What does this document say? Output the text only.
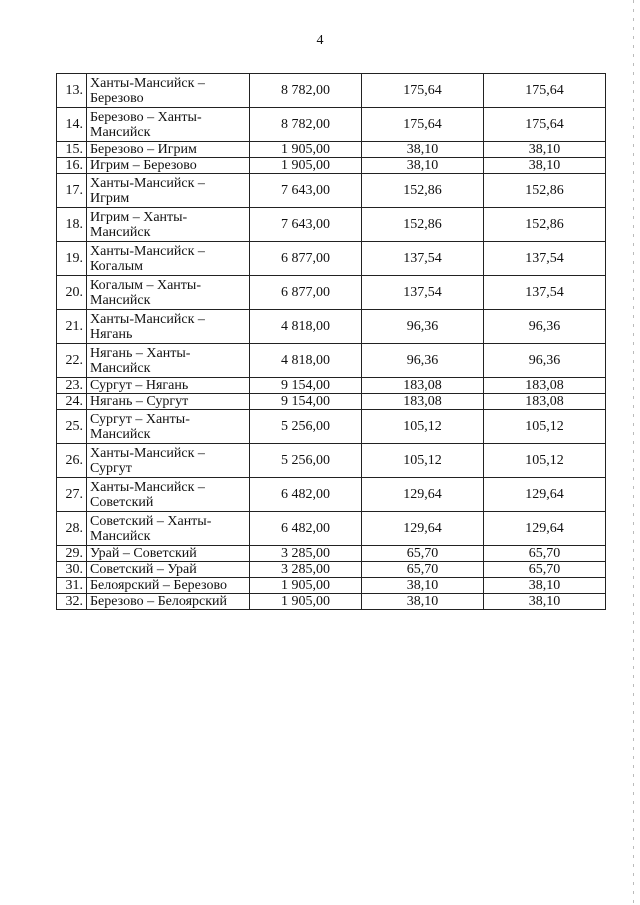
4
13.	Ханты-Мансийск – Березово	8 782,00	175,64	175,64
14.	Березово – Ханты-Мансийск	8 782,00	175,64	175,64
15.	Березово – Игрим	1 905,00	38,10	38,10
16.	Игрим – Березово	1 905,00	38,10	38,10
17.	Ханты-Мансийск – Игрим	7 643,00	152,86	152,86
18.	Игрим – Ханты-Мансийск	7 643,00	152,86	152,86
19.	Ханты-Мансийск – Когалым	6 877,00	137,54	137,54
20.	Когалым – Ханты-Мансийск	6 877,00	137,54	137,54
21.	Ханты-Мансийск – Нягань	4 818,00	96,36	96,36
22.	Нягань – Ханты-Мансийск	4 818,00	96,36	96,36
23.	Сургут – Нягань	9 154,00	183,08	183,08
24.	Нягань – Сургут	9 154,00	183,08	183,08
25.	Сургут – Ханты-Мансийск	5 256,00	105,12	105,12
26.	Ханты-Мансийск – Сургут	5 256,00	105,12	105,12
27.	Ханты-Мансийск – Советский	6 482,00	129,64	129,64
28.	Советский – Ханты-Мансийск	6 482,00	129,64	129,64
29.	Урай – Советский	3 285,00	65,70	65,70
30.	Советский – Урай	3 285,00	65,70	65,70
31.	Белоярский – Березово	1 905,00	38,10	38,10
32.	Березово – Белоярский	1 905,00	38,10	38,10
